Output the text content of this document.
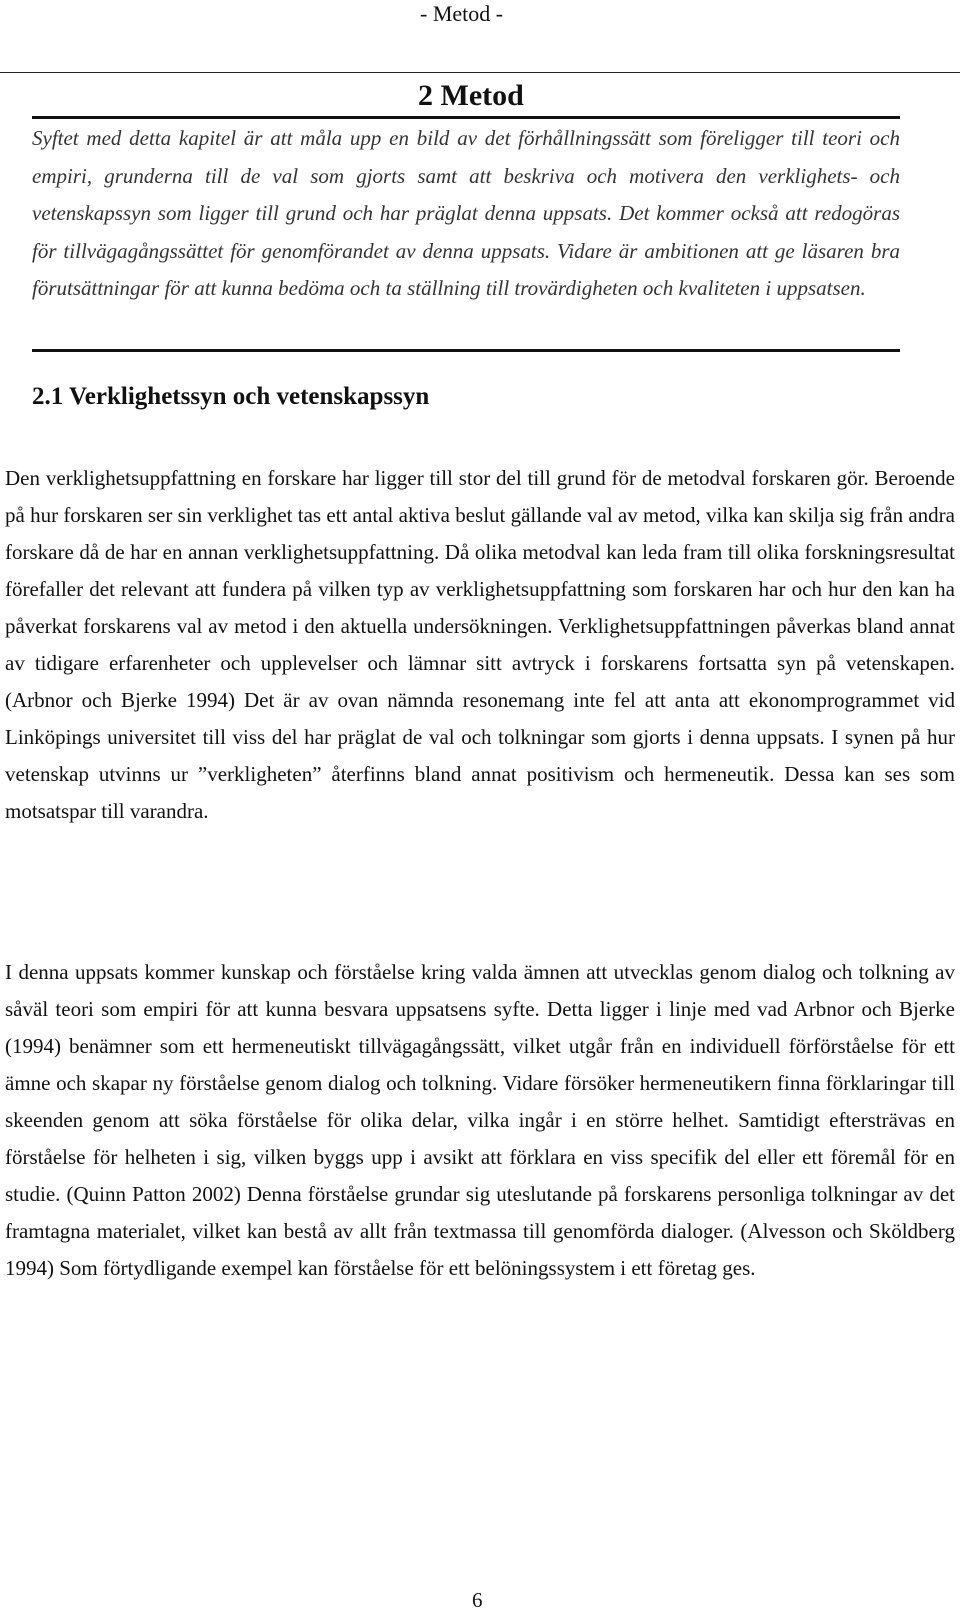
- Metod -
2 Metod

Syftet med detta kapitel är att måla upp en bild av det förhållningssätt som föreligger till teori och empiri, grunderna till de val som gjorts samt att beskriva och motivera den verklighets- och vetenskapssyn som ligger till grund och har präglat denna uppsats. Det kommer också att redogöras för tillvägagångssättet för genomförandet av denna uppsats. Vidare är ambitionen att ge läsaren bra förutsättningar för att kunna bedöma och ta ställning till trovärdigheten och kvaliteten i uppsatsen.

2.1 Verklighetssyn och vetenskapssyn

Den verklighetsuppfattning en forskare har ligger till stor del till grund för de metodval forskaren gör. Beroende på hur forskaren ser sin verklighet tas ett antal aktiva beslut gällande val av metod, vilka kan skilja sig från andra forskare då de har en annan verklighetsuppfattning. Då olika metodval kan leda fram till olika forskningsresultat förefaller det relevant att fundera på vilken typ av verklighetsuppfattning som forskaren har och hur den kan ha påverkat forskarens val av metod i den aktuella undersökningen. Verklighetsuppfattningen påverkas bland annat av tidigare erfarenheter och upplevelser och lämnar sitt avtryck i forskarens fortsatta syn på vetenskapen. (Arbnor och Bjerke 1994) Det är av ovan nämnda resonemang inte fel att anta att ekonomprogrammet vid Linköpings universitet till viss del har präglat de val och tolkningar som gjorts i denna uppsats. I synen på hur vetenskap utvinns ur ”verkligheten” återfinns bland annat positivism och hermeneutik. Dessa kan ses som motsatspar till varandra.

I denna uppsats kommer kunskap och förståelse kring valda ämnen att utvecklas genom dialog och tolkning av såväl teori som empiri för att kunna besvara uppsatsens syfte. Detta ligger i linje med vad Arbnor och Bjerke (1994) benämner som ett hermeneutiskt tillvägagångssätt, vilket utgår från en individuell förförståelse för ett ämne och skapar ny förståelse genom dialog och tolkning. Vidare försöker hermeneutikern finna förklaringar till skeenden genom att söka förståelse för olika delar, vilka ingår i en större helhet. Samtidigt eftersträvas en förståelse för helheten i sig, vilken byggs upp i avsikt att förklara en viss specifik del eller ett föremål för en studie. (Quinn Patton 2002) Denna förståelse grundar sig uteslutande på forskarens personliga tolkningar av det framtagna materialet, vilket kan bestå av allt från textmassa till genomförda dialoger. (Alvesson och Sköldberg 1994) Som förtydligande exempel kan förståelse för ett belöningssystem i ett företag ges.

6
